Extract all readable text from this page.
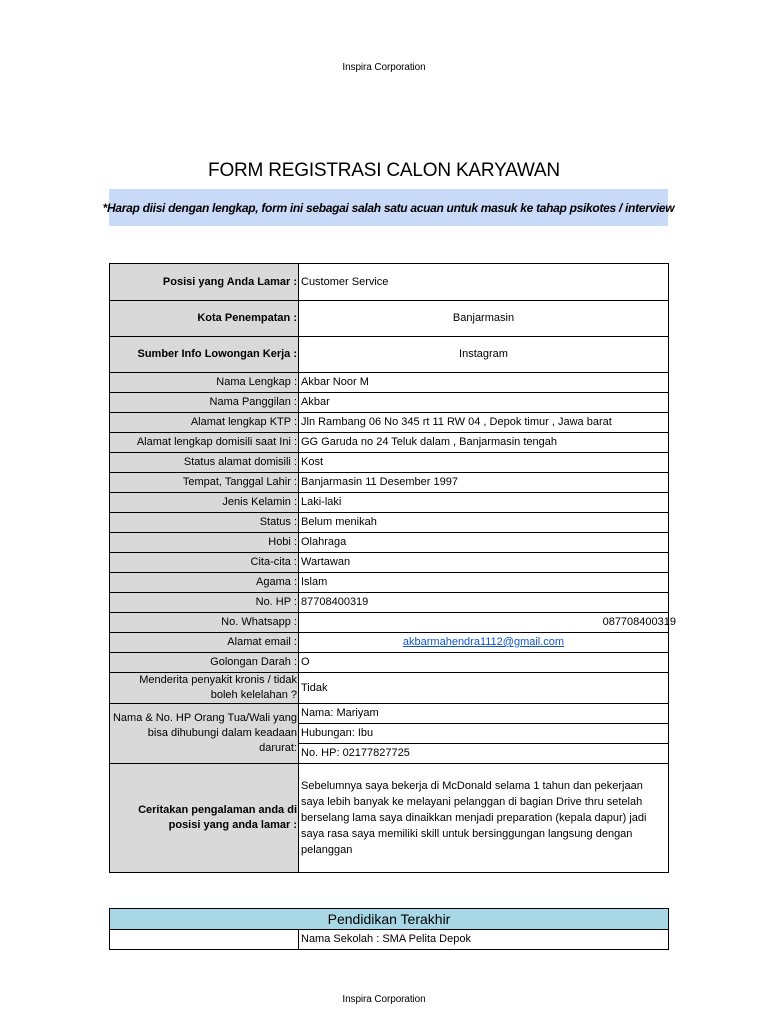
Inspira Corporation
FORM REGISTRASI CALON KARYAWAN
*Harap diisi dengan lengkap, form ini sebagai salah satu acuan untuk masuk ke tahap psikotes / interview
Posisi yang Anda Lamar :	Customer Service
Kota Penempatan :	Banjarmasin
Sumber Info Lowongan Kerja :	Instagram
Nama Lengkap :	Akbar Noor M
Nama Panggilan :	Akbar
Alamat lengkap KTP :	Jln Rambang 06 No 345 rt 11 RW 04 , Depok timur , Jawa barat
Alamat lengkap domisili saat Ini :	GG Garuda no 24 Teluk dalam , Banjarmasin tengah
Status alamat domisili :	Kost
Tempat, Tanggal Lahir :	Banjarmasin 11 Desember 1997
Jenis Kelamin :	Laki-laki
Status :	Belum menikah
Hobi :	Olahraga
Cita-cita :	Wartawan
Agama :	Islam
No. HP :	87708400319
No. Whatsapp :	087708400319
Alamat email :	akbarmahendra1112@gmail.com
Golongan Darah :	O
Menderita penyakit kronis / tidak boleh kelelahan ?	Tidak
Nama & No. HP Orang Tua/Wali yang bisa dihubungi dalam keadaan darurat:	Nama: Mariyam
	Hubungan: Ibu
	No. HP: 02177827725
Ceritakan pengalaman anda di posisi yang anda lamar :	Sebelumnya saya bekerja di McDonald selama 1 tahun dan pekerjaan saya lebih banyak ke melayani pelanggan di bagian Drive thru setelah berselang lama saya dinaikkan menjadi preparation (kepala dapur) jadi saya rasa saya memiliki skill untuk bersinggungan langsung dengan pelanggan
Pendidikan Terakhir
	Nama Sekolah : SMA Pelita Depok
Inspira Corporation
